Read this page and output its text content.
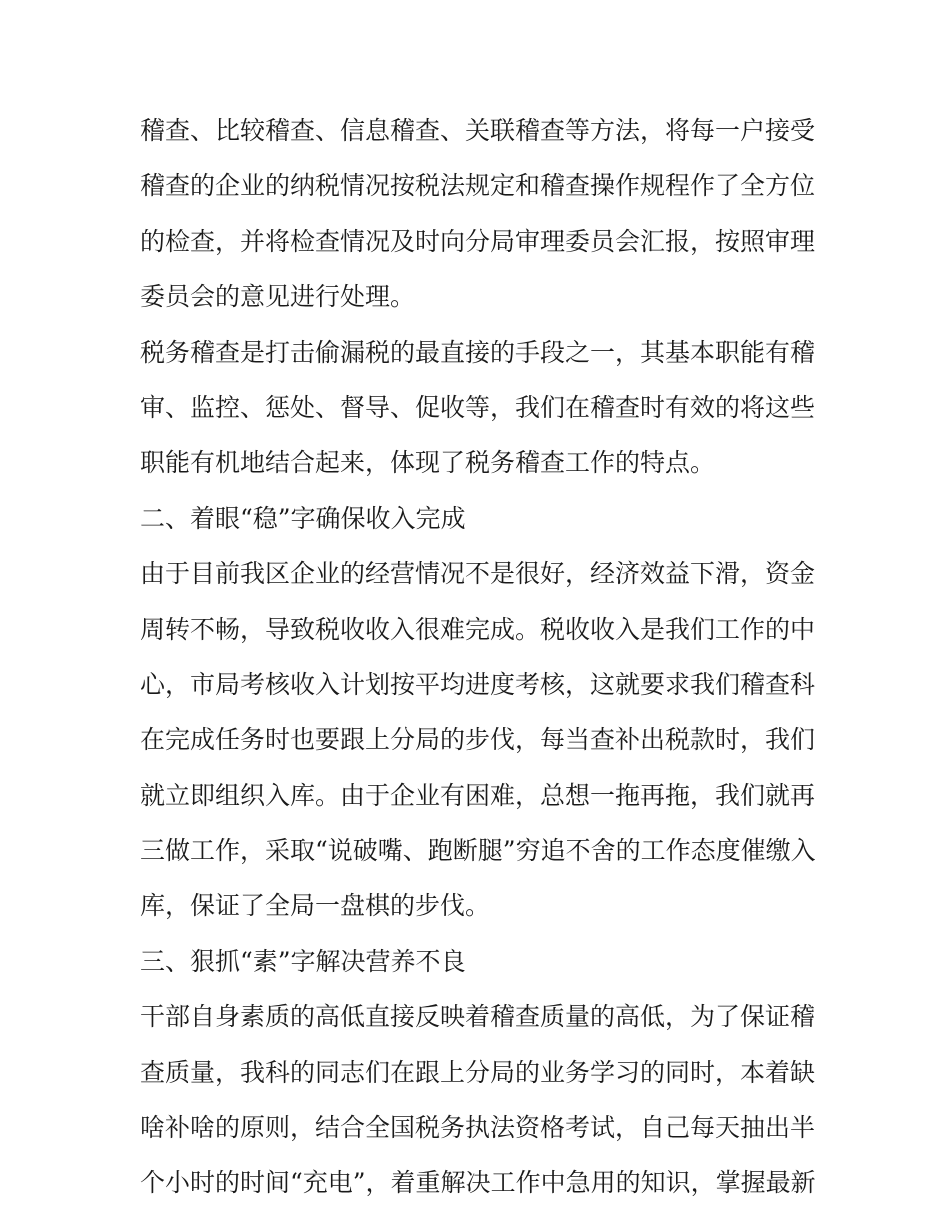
稽查、比较稽查、信息稽查、关联稽查等方法，将每一户接受
稽查的企业的纳税情况按税法规定和稽查操作规程作了全方位
的检查，并将检查情况及时向分局审理委员会汇报，按照审理
委员会的意见进行处理。
税务稽查是打击偷漏税的最直接的手段之一，其基本职能有稽
审、监控、惩处、督导、促收等，我们在稽查时有效的将这些
职能有机地结合起来，体现了税务稽查工作的特点。
二、着眼“稳”字确保收入完成
由于目前我区企业的经营情况不是很好，经济效益下滑，资金
周转不畅，导致税收收入很难完成。税收收入是我们工作的中
心，市局考核收入计划按平均进度考核，这就要求我们稽查科
在完成任务时也要跟上分局的步伐，每当查补出税款时，我们
就立即组织入库。由于企业有困难，总想一拖再拖，我们就再
三做工作，采取“说破嘴、跑断腿”穷追不舍的工作态度催缴入
库，保证了全局一盘棋的步伐。
三、狠抓“素”字解决营养不良
干部自身素质的高低直接反映着稽查质量的高低，为了保证稽
查质量，我科的同志们在跟上分局的业务学习的同时，本着缺
啥补啥的原则，结合全国税务执法资格考试，自己每天抽出半
个小时的时间“充电”，着重解决工作中急用的知识，掌握最新
